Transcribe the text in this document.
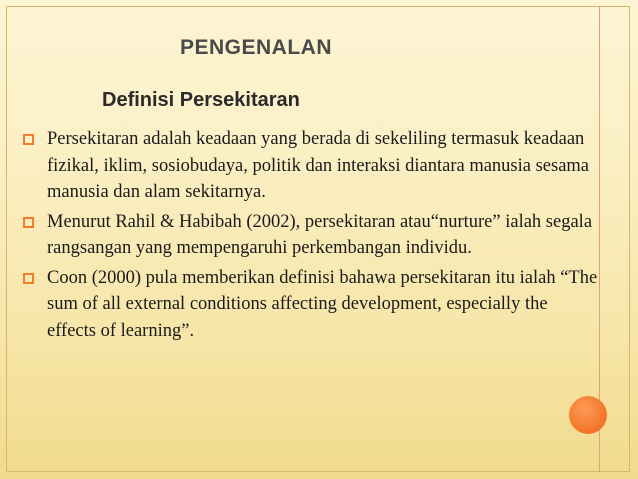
PENGENALAN
Definisi Persekitaran
Persekitaran adalah keadaan yang berada di sekeliling termasuk keadaan fizikal, iklim, sosiobudaya, politik dan interaksi diantara manusia sesama manusia dan alam sekitarnya.
Menurut Rahil & Habibah (2002), persekitaran atau“nurture” ialah segala rangsangan yang mempengaruhi perkembangan individu.
Coon (2000) pula memberikan definisi bahawa persekitaran itu ialah “The sum of all external conditions affecting development, especially the effects of learning”.
